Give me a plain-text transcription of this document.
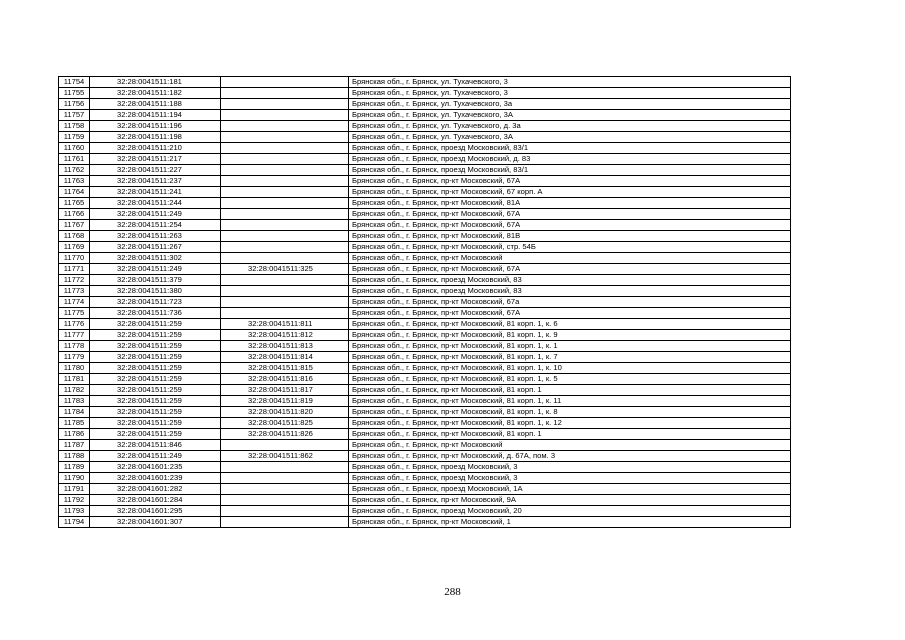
11754	32:28:0041511:181		Брянская обл., г. Брянск, ул. Тухачевского, 3
11755	32:28:0041511:182		Брянская обл., г. Брянск, ул. Тухачевского, 3
11756	32:28:0041511:188		Брянская обл., г. Брянск, ул. Тухачевского, 3а
11757	32:28:0041511:194		Брянская обл., г. Брянск, ул. Тухачевского, 3А
11758	32:28:0041511:196		Брянская обл., г. Брянск, ул. Тухачевского, д. 3а
11759	32:28:0041511:198		Брянская обл., г. Брянск, ул. Тухачевского, 3А
11760	32:28:0041511:210		Брянская обл., г. Брянск, проезд Московский, 83/1
11761	32:28:0041511:217		Брянская обл., г. Брянск, проезд Московский, д. 83
11762	32:28:0041511:227		Брянская обл., г. Брянск, проезд Московский, 83/1
11763	32:28:0041511:237		Брянская обл., г. Брянск, пр-кт Московский, 67А
11764	32:28:0041511:241		Брянская обл., г. Брянск, пр-кт Московский, 67 корп. А
11765	32:28:0041511:244		Брянская обл., г. Брянск, пр-кт Московский, 81А
11766	32:28:0041511:249		Брянская обл., г. Брянск, пр-кт Московский, 67А
11767	32:28:0041511:254		Брянская обл., г. Брянск, пр-кт Московский, 67А
11768	32:28:0041511:263		Брянская обл., г. Брянск, пр-кт Московский, 81В
11769	32:28:0041511:267		Брянская обл., г. Брянск, пр-кт Московский, стр. 54Б
11770	32:28:0041511:302		Брянская обл., г. Брянск, пр-кт Московский
11771	32:28:0041511:249	32:28:0041511:325	Брянская обл., г. Брянск, пр-кт Московский, 67А
11772	32:28:0041511:379		Брянская обл., г. Брянск, проезд Московский, 83
11773	32:28:0041511:380		Брянская обл., г. Брянск, проезд Московский, 83
11774	32:28:0041511:723		Брянская обл., г. Брянск, пр-кт Московский, 67а
11775	32:28:0041511:736		Брянская обл., г. Брянск, пр-кт Московский, 67А
11776	32:28:0041511:259	32:28:0041511:811	Брянская обл., г. Брянск, пр-кт Московский, 81 корп. 1, к. 6
11777	32:28:0041511:259	32:28:0041511:812	Брянская обл., г. Брянск, пр-кт Московский, 81 корп. 1, к. 9
11778	32:28:0041511:259	32:28:0041511:813	Брянская обл., г. Брянск, пр-кт Московский, 81 корп. 1, к. 1
11779	32:28:0041511:259	32:28:0041511:814	Брянская обл., г. Брянск, пр-кт Московский, 81 корп. 1, к. 7
11780	32:28:0041511:259	32:28:0041511:815	Брянская обл., г. Брянск, пр-кт Московский, 81 корп. 1, к. 10
11781	32:28:0041511:259	32:28:0041511:816	Брянская обл., г. Брянск, пр-кт Московский, 81 корп. 1, к. 5
11782	32:28:0041511:259	32:28:0041511:817	Брянская обл., г. Брянск, пр-кт Московский, 81 корп. 1
11783	32:28:0041511:259	32:28:0041511:819	Брянская обл., г. Брянск, пр-кт Московский, 81 корп. 1, к. 11
11784	32:28:0041511:259	32:28:0041511:820	Брянская обл., г. Брянск, пр-кт Московский, 81 корп. 1, к. 8
11785	32:28:0041511:259	32:28:0041511:825	Брянская обл., г. Брянск, пр-кт Московский, 81 корп. 1, к. 12
11786	32:28:0041511:259	32:28:0041511:826	Брянская обл., г. Брянск, пр-кт Московский, 81 корп. 1
11787	32:28:0041511:846		Брянская обл., г. Брянск, пр-кт Московский
11788	32:28:0041511:249	32:28:0041511:862	Брянская обл., г. Брянск, пр-кт Московский, д. 67А, пом. 3
11789	32:28:0041601:235		Брянская обл., г. Брянск, проезд Московский, 3
11790	32:28:0041601:239		Брянская обл., г. Брянск, проезд Московский, 3
11791	32:28:0041601:282		Брянская обл., г. Брянск, проезд Московский, 1А
11792	32:28:0041601:284		Брянская обл., г. Брянск, пр-кт Московский, 9А
11793	32:28:0041601:295		Брянская обл., г. Брянск, проезд Московский, 20
11794	32:28:0041601:307		Брянская обл., г. Брянск, пр-кт Московский, 1
288
